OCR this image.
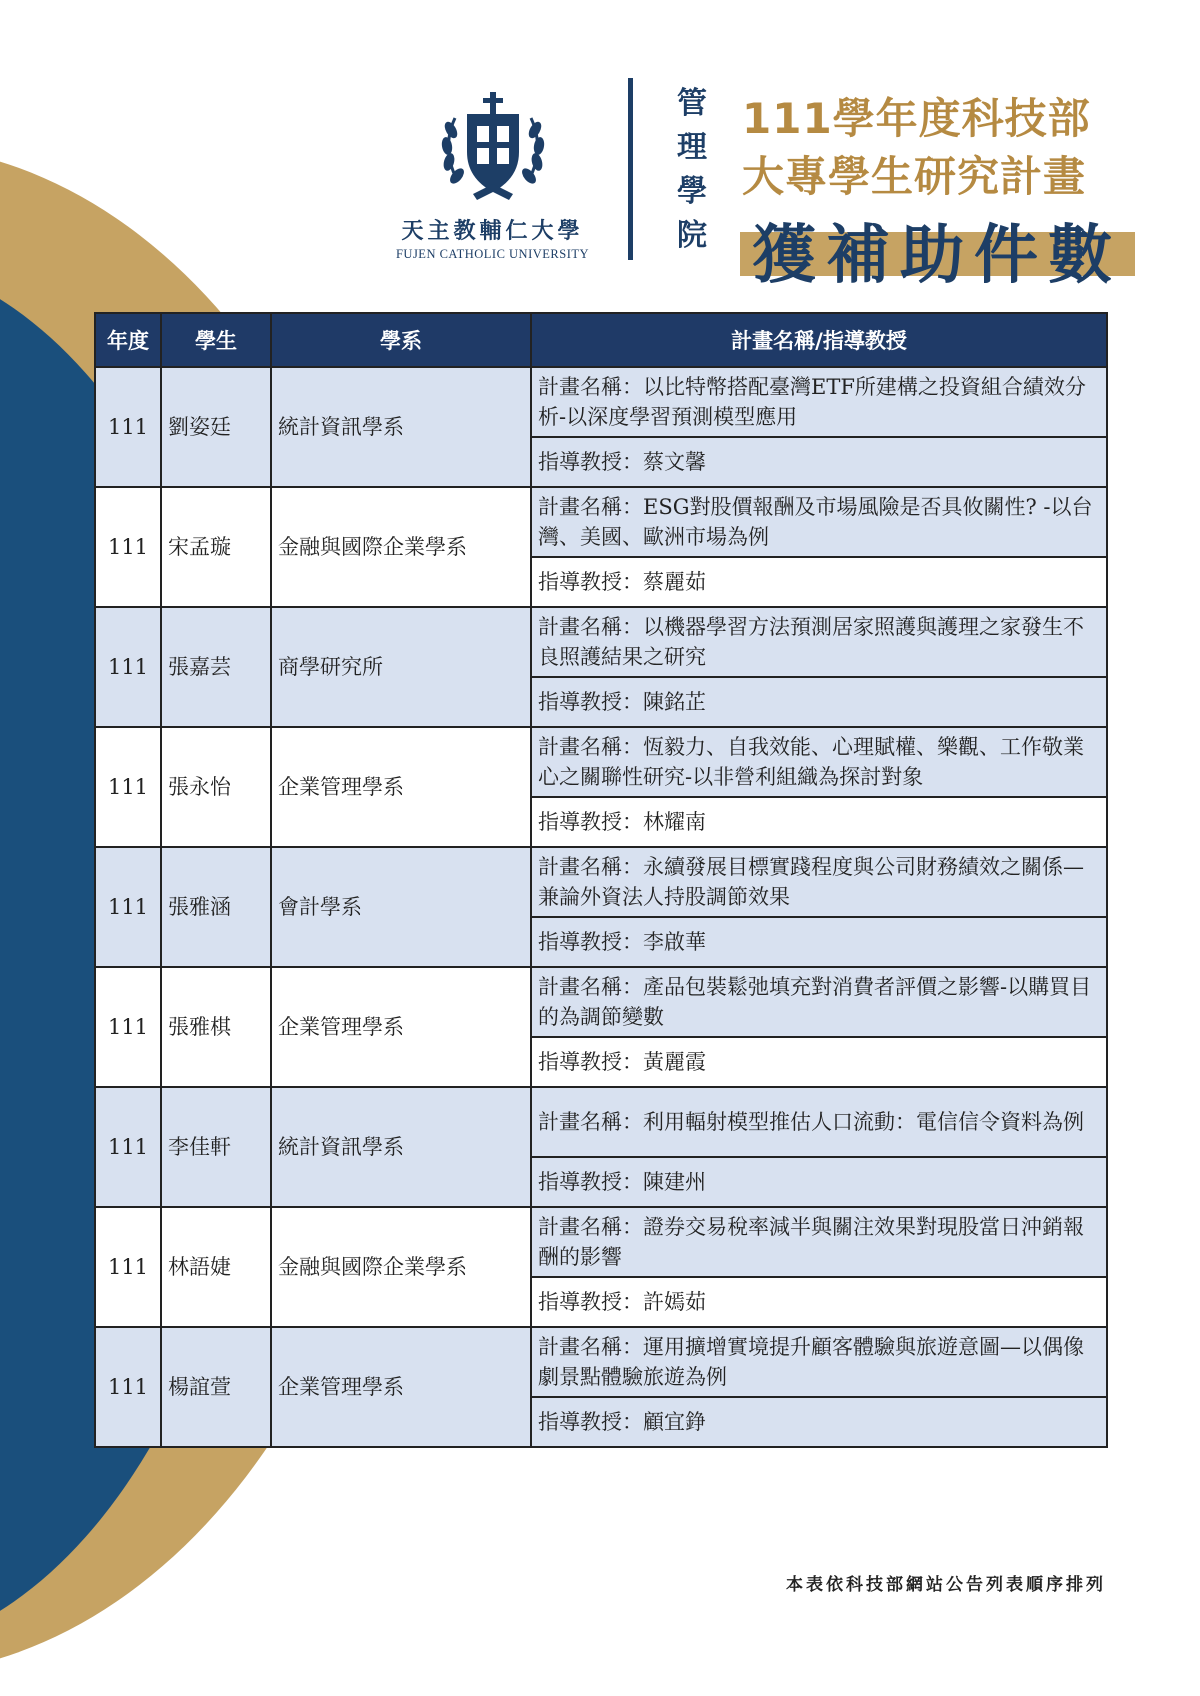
天主教輔仁大學
FUJEN CATHOLIC UNIVERSITY
管
理
學
院
111學年度科技部
大專學生研究計畫
獲補助件數
年度	學生	學系	計畫名稱/指導教授
111	劉姿廷	統計資訊學系	計畫名稱：以比特幣搭配臺灣ETF所建構之投資組合績效分析-以深度學習預測模型應用
			指導教授：蔡文馨
111	宋孟璇	金融與國際企業學系	計畫名稱：ESG對股價報酬及市場風險是否具攸關性? -以台灣、美國、歐洲市場為例
			指導教授：蔡麗茹
111	張嘉芸	商學研究所	計畫名稱：以機器學習方法預測居家照護與護理之家發生不良照護結果之研究
			指導教授：陳銘芷
111	張永怡	企業管理學系	計畫名稱：恆毅力、自我效能、心理賦權、樂觀、工作敬業心之關聯性研究-以非營利組織為探討對象
			指導教授：林耀南
111	張雅涵	會計學系	計畫名稱：永續發展目標實踐程度與公司財務績效之關係—兼論外資法人持股調節效果
			指導教授：李啟華
111	張雅棋	企業管理學系	計畫名稱：產品包裝鬆弛填充對消費者評價之影響-以購買目的為調節變數
			指導教授：黃麗霞
111	李佳軒	統計資訊學系	計畫名稱：利用輻射模型推估人口流動：電信信令資料為例
			指導教授：陳建州
111	林語婕	金融與國際企業學系	計畫名稱：證券交易稅率減半與關注效果對現股當日沖銷報酬的影響
			指導教授：許嫣茹
111	楊誼萱	企業管理學系	計畫名稱：運用擴增實境提升顧客體驗與旅遊意圖—以偶像劇景點體驗旅遊為例
			指導教授：顧宜錚
本表依科技部網站公告列表順序排列
